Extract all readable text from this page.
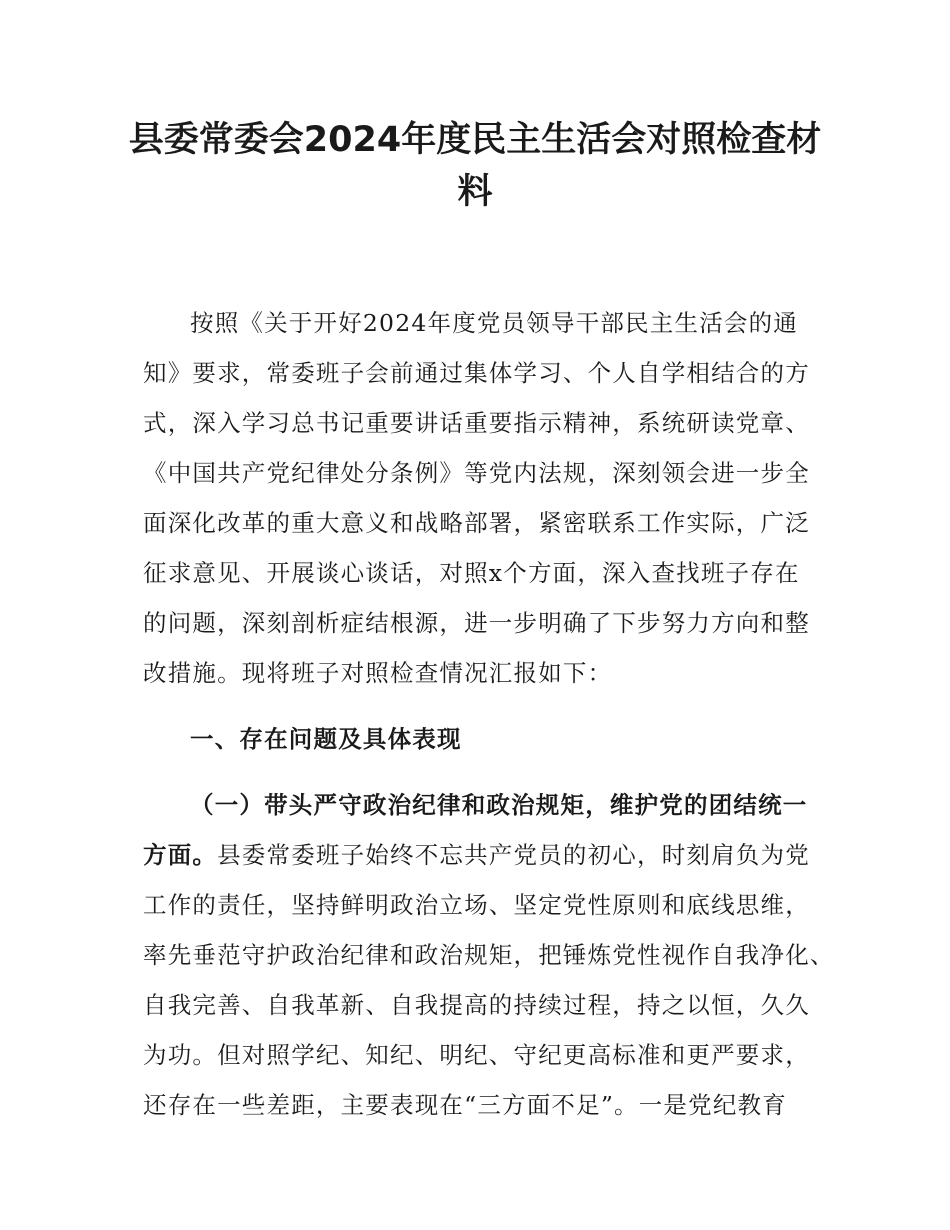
县委常委会2024年度民主生活会对照检查材
料
按照《关于开好2024年度党员领导干部民主生活会的通
知》要求，常委班子会前通过集体学习、个人自学相结合的方
式，深入学习总书记重要讲话重要指示精神，系统研读党章、
《中国共产党纪律处分条例》等党内法规，深刻领会进一步全
面深化改革的重大意义和战略部署，紧密联系工作实际，广泛
征求意见、开展谈心谈话，对照x个方面，深入查找班子存在
的问题，深刻剖析症结根源，进一步明确了下步努力方向和整
改措施。现将班子对照检查情况汇报如下：
一、存在问题及具体表现
（一）带头严守政治纪律和政治规矩，维护党的团结统一
方面。县委常委班子始终不忘共产党员的初心，时刻肩负为党
工作的责任，坚持鲜明政治立场、坚定党性原则和底线思维，
率先垂范守护政治纪律和政治规矩，把锤炼党性视作自我净化、
自我完善、自我革新、自我提高的持续过程，持之以恒，久久
为功。但对照学纪、知纪、明纪、守纪更高标准和更严要求，
还存在一些差距，主要表现在“三方面不足”。一是党纪教育
